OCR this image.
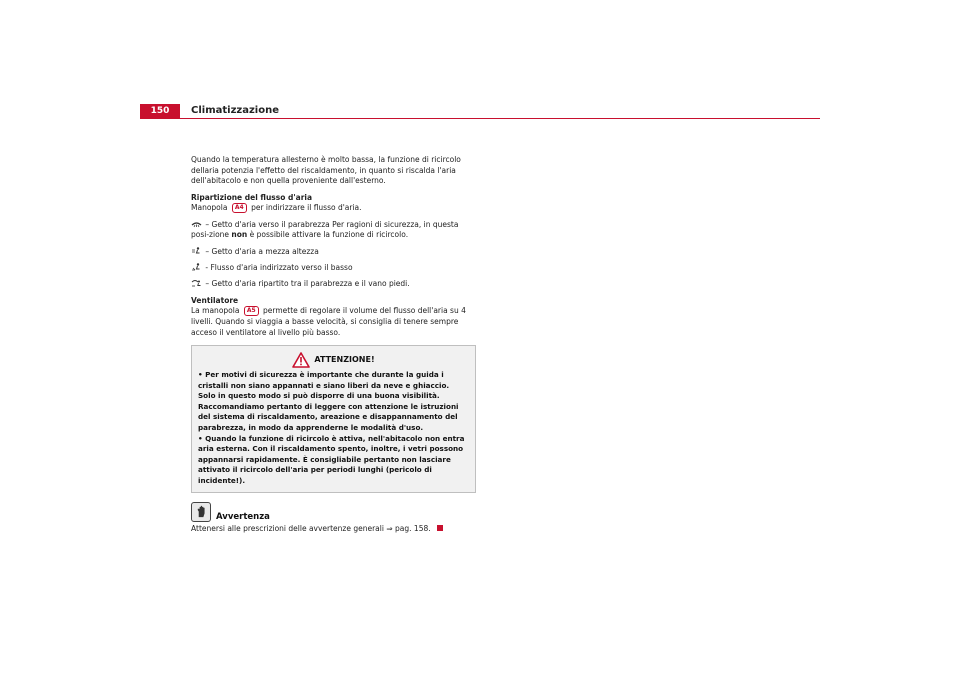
150	Climatizzazione

Quando la temperatura allesterno è molto bassa, la funzione di ricircolo dellaria potenzia l'effetto del riscaldamento, in quanto si riscalda l'aria dell'abitacolo e non quella proveniente dall'esterno.

Ripartizione del flusso d'aria

Manopola A4 per indirizzare il flusso d'aria.

– Getto d'aria verso il parabrezza Per ragioni di sicurezza, in questa posi-zione non è possibile attivare la funzione di ricircolo.

– Getto d'aria a mezza altezza

- Flusso d'aria indirizzato verso il basso

– Getto d'aria ripartito tra il parabrezza e il vano piedi.

Ventilatore

La manopola A5 permette di regolare il volume del flusso dell'aria su 4 livelli. Quando si viaggia a basse velocità, si consiglia di tenere sempre acceso il ventilatore al livello più basso.

ATTENZIONE!

• Per motivi di sicurezza è importante che durante la guida i cristalli non siano appannati e siano liberi da neve e ghiaccio. Solo in questo modo si può disporre di una buona visibilità. Raccomandiamo pertanto di leggere con attenzione le istruzioni del sistema di riscaldamento, areazione e disappannamento del parabrezza, in modo da apprenderne le modalità d'uso.

• Quando la funzione di ricircolo è attiva, nell'abitacolo non entra aria esterna. Con il riscaldamento spento, inoltre, i vetri possono appannarsi rapidamente. È consigliabile pertanto non lasciare attivato il ricircolo dell'aria per periodi lunghi (pericolo di incidente!).

Avvertenza

Attenersi alle prescrizioni delle avvertenze generali ⇒ pag. 158.
